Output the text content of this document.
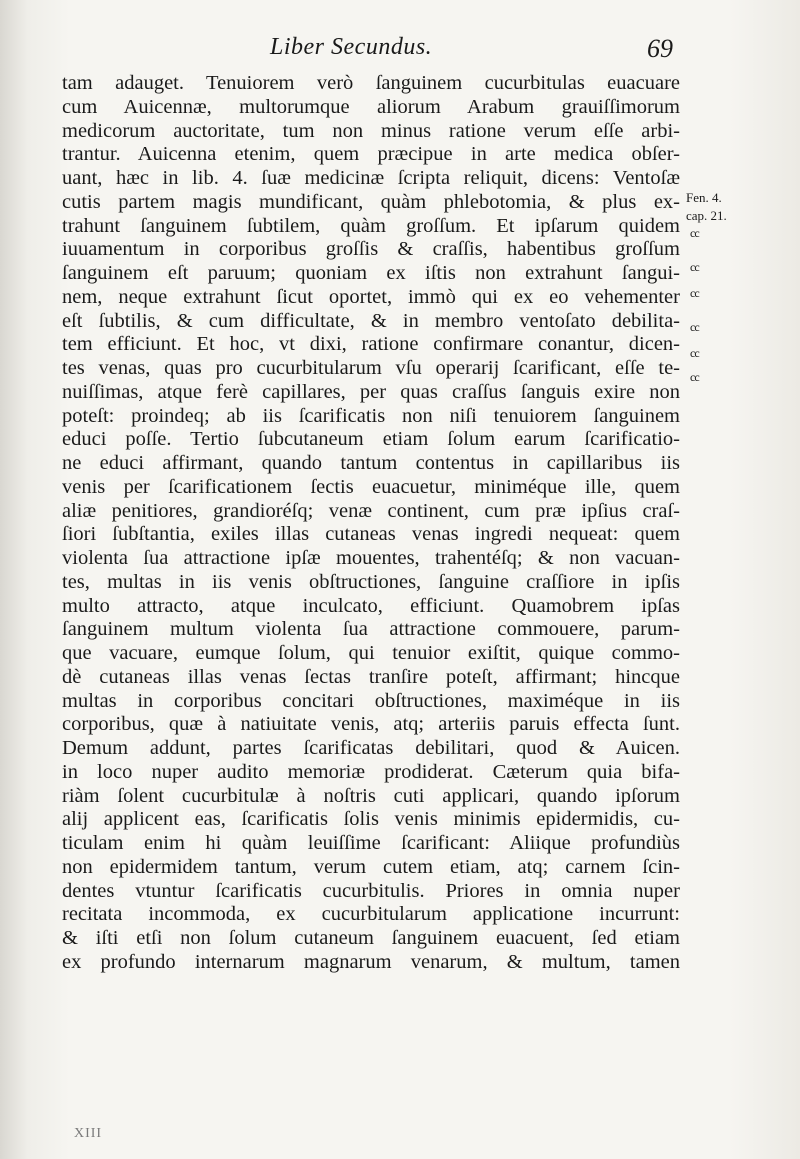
Liber Secundus.	69
tam adauget. Tenuiorem verò ſanguinem cucurbitulas euacuare
cum Auicennæ, multorumque aliorum Arabum grauiſſimorum
medicorum auctoritate, tum non minus ratione verum eſſe arbi-
trantur. Auicenna etenim, quem præcipue in arte medica obſer-
uant, hæc in lib. 4. ſuæ medicinæ ſcripta reliquit, dicens: Ventoſæ
cutis partem magis mundificant, quàm phlebotomia, & plus ex-
trahunt ſanguinem ſubtilem, quàm groſſum. Et ipſarum quidem
iuuamentum in corporibus groſſis & craſſis, habentibus groſſum
ſanguinem eſt paruum; quoniam ex iſtis non extrahunt ſangui-
nem, neque extrahunt ſicut oportet, immò qui ex eo vehementer
eſt ſubtilis, & cum difficultate, & in membro ventoſato debilita-
tem efficiunt. Et hoc, vt dixi, ratione confirmare conantur, dicen-
tes venas, quas pro cucurbitularum vſu operarij ſcarificant, eſſe te-
nuiſſimas, atque ferè capillares, per quas craſſus ſanguis exire non
poteſt: proindeq; ab iis ſcarificatis non niſi tenuiorem ſanguinem
educi poſſe. Tertio ſubcutaneum etiam ſolum earum ſcarificatio-
ne educi affirmant, quando tantum contentus in capillaribus iis
venis per ſcarificationem ſectis euacuetur, miniméque ille, quem
aliæ penitiores, grandioréſq; venæ continent, cum præ ipſius craſ-
ſiori ſubſtantia, exiles illas cutaneas venas ingredi nequeat: quem
violenta ſua attractione ipſæ mouentes, trahentéſq; & non vacuan-
tes, multas in iis venis obſtructiones, ſanguine craſſiore in ipſis
multo attracto, atque inculcato, efficiunt. Quamobrem ipſas
ſanguinem multum violenta ſua attractione commouere, parum-
que vacuare, eumque ſolum, qui tenuior exiſtit, quique commo-
dè cutaneas illas venas ſectas tranſire poteſt, affirmant; hincque
multas in corporibus concitari obſtructiones, maximéque in iis
corporibus, quæ à natiuitate venis, atq; arteriis paruis effecta ſunt.
Demum addunt, partes ſcarificatas debilitari, quod & Auicen.
in loco nuper audito memoriæ prodiderat. Cæterum quia bifa-
riàm ſolent cucurbitulæ à noſtris cuti applicari, quando ipſorum
alij applicent eas, ſcarificatis ſolis venis minimis epidermidis, cu-
ticulam enim hi quàm leuiſſime ſcarificant: Aliique profundiùs
non epidermidem tantum, verum cutem etiam, atq; carnem ſcin-
dentes vtuntur ſcarificatis cucurbitulis. Priores in omnia nuper
recitata incommoda, ex cucurbitularum applicatione incurrunt:
& iſti etſi non ſolum cutaneum ſanguinem euacuent, ſed etiam
ex profundo internarum magnarum venarum, & multum, tamen
Fen. 4.
cap. 21.
cc
cc
cc
cc
cc
cc
XIII
